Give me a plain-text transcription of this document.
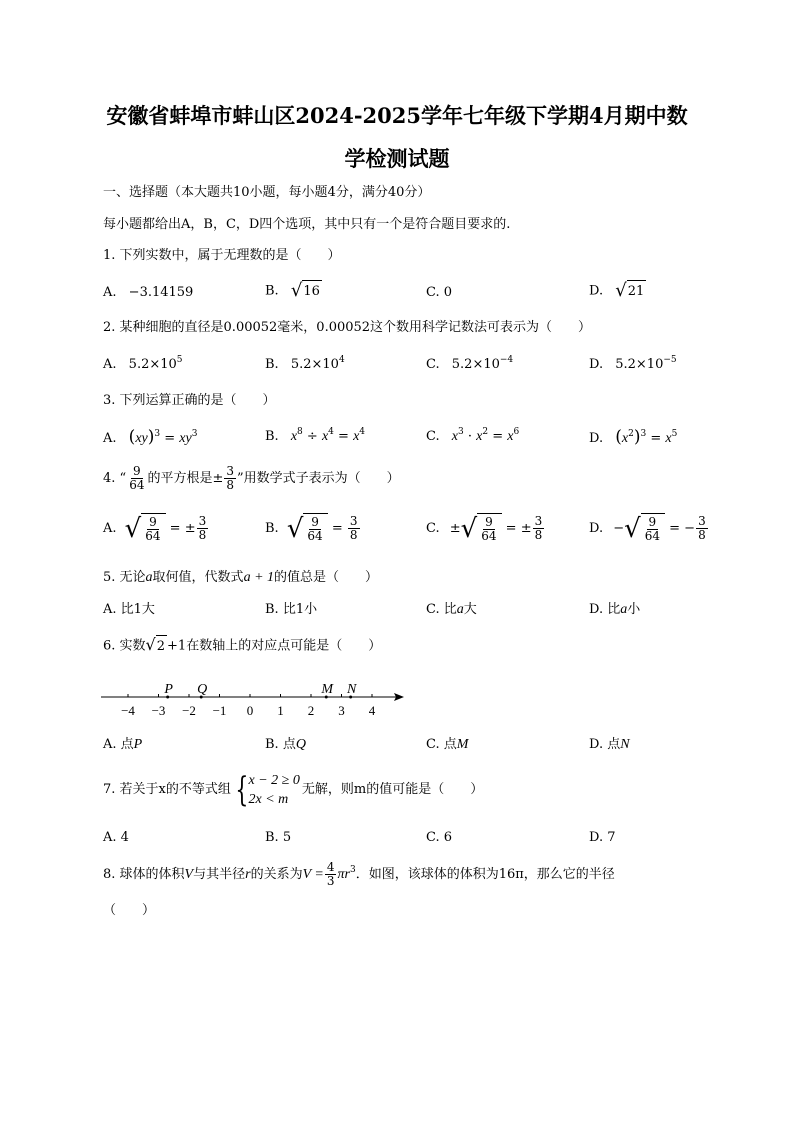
安徽省蚌埠市蚌山区2024-2025学年七年级下学期4月期中数
学检测试题
一、选择题（本大题共10小题，每小题4分，满分40分）
每小题都给出A，B，C，D四个选项，其中只有一个是符合题目要求的.
1. 下列实数中，属于无理数的是（　　）
A. −3.14159	B. √ 16	C. 0	D. √ 21
2. 某种细胞的直径是0.00052毫米，0.00052这个数用科学记数法可表示为（　　）
A. $5.2\times 10^5$	B. $5.2\times 10^4$	C. $5.2\times 10^{-4}$	D. $5.2\times 10^{-5}$
3. 下列运算正确的是（　　）
A. $(xy)^3 = xy^3$	B. $x^8 \div x^4 = x^4$	C. $x^3 \cdot x^2 = x^6$	D. $(x^2)^3 = x^5$
4. “ $\frac{9}{64}$ 的平方根是± $\frac{3}{8}$ ”用数学式子表示为（　　）
A. √ $\frac{9}{64}$ = ± $\frac{3}{8}$	B. √ $\frac{9}{64} = \frac{3}{8}$	C. ± √ $\frac{9}{64}$ = ± $\frac{3}{8}$	D. − √ $\frac{9}{64}$ = − $\frac{3}{8}$
5. 无论a取何值，代数式a + 1的值总是（　　）
A. 比1大	B. 比1小	C. 比a大	D. 比a小
6. 实数 √ 2 +1在数轴上的对应点可能是（　　）
−4 −3 −2 −1 0 1 2 3 4
P Q	M N
A. 点P	B. 点Q	C. 点M	D. 点N
7. 若关于x的不等式组 { x − 2 ≥ 0
2x < m
无解，则m的值可能是（　　）
A. 4	B. 5	C. 6	D. 7
8. 球体的体积V与其半径r的关系为$V = \frac{4}{3} \pi r^3$．如图，该球体的体积为16π，那么它的半径
（　　）
